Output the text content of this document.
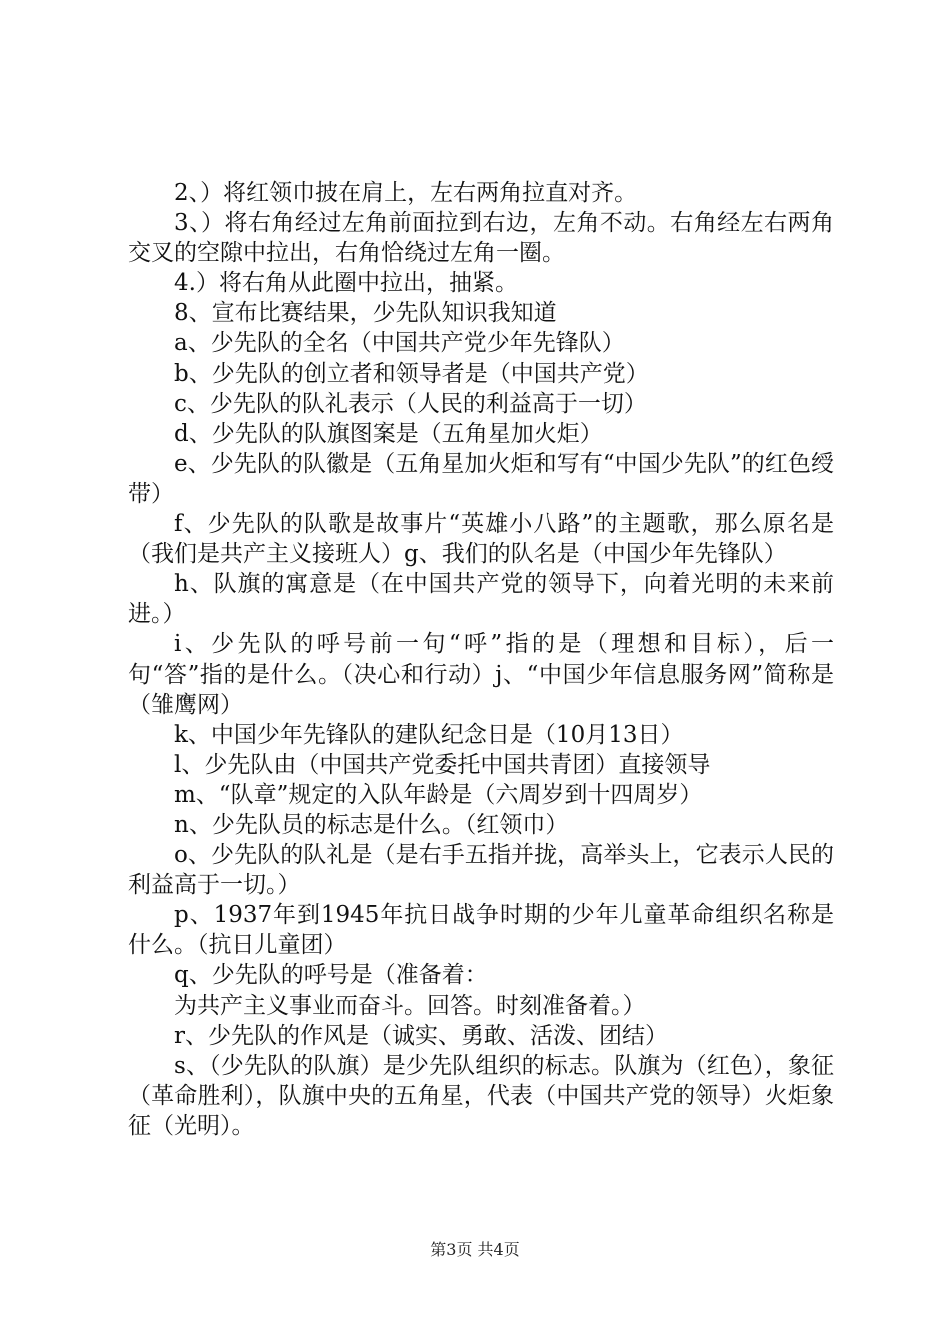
2、）将红领巾披在肩上，左右两角拉直对齐。

3、）将右角经过左角前面拉到右边，左角不动。右角经左右两角交叉的空隙中拉出，右角恰绕过左角一圈。

4.）将右角从此圈中拉出，抽紧。

8、宣布比赛结果，少先队知识我知道

a、少先队的全名（中国共产党少年先锋队）

b、少先队的创立者和领导者是（中国共产党）

c、少先队的队礼表示（人民的利益高于一切）

d、少先队的队旗图案是（五角星加火炬）

e、少先队的队徽是（五角星加火炬和写有“中国少先队”的红色绶带）

f、少先队的队歌是故事片“英雄小八路”的主题歌，那么原名是（我们是共产主义接班人）g、我们的队名是（中国少年先锋队）

h、队旗的寓意是（在中国共产党的领导下，向着光明的未来前进。）

i、少先队的呼号前一句“呼”指的是（理想和目标），后一句“答”指的是什么。（决心和行动）j、“中国少年信息服务网”简称是（雏鹰网）

k、中国少年先锋队的建队纪念日是（10月13日）

l、少先队由（中国共产党委托中国共青团）直接领导

m、“队章”规定的入队年龄是（六周岁到十四周岁）

n、少先队员的标志是什么。（红领巾）

o、少先队的队礼是（是右手五指并拢，高举头上，它表示人民的利益高于一切。）

p、1937年到1945年抗日战争时期的少年儿童革命组织名称是什么。（抗日儿童团）

q、少先队的呼号是（准备着：

为共产主义事业而奋斗。回答。时刻准备着。）

r、少先队的作风是（诚实、勇敢、活泼、团结）

s、（少先队的队旗）是少先队组织的标志。队旗为（红色），象征（革命胜利），队旗中央的五角星，代表（中国共产党的领导）火炬象征（光明）。

第3页 共4页
